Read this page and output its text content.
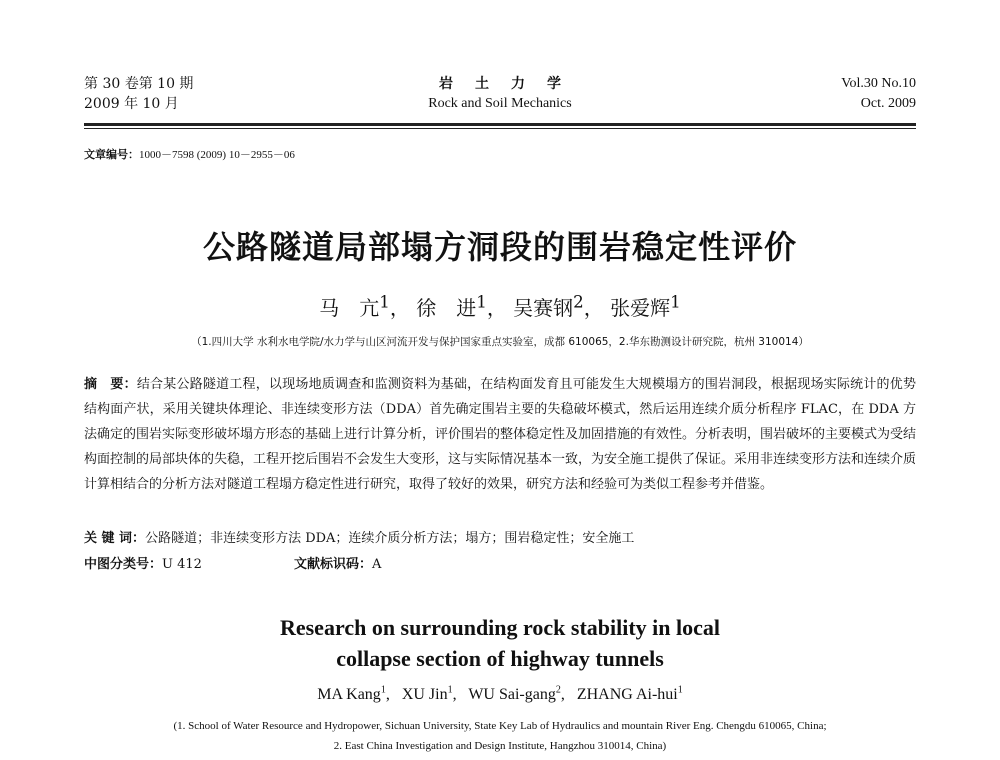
第 30 卷第 10 期
2009 年 10 月
岩土力学
Rock and Soil Mechanics
Vol.30 No.10
Oct. 2009
文章编号：1000－7598 (2009) 10－2955－06
公路隧道局部塌方洞段的围岩稳定性评价
马　亢$^1$， 徐　进$^1$， 吴赛钢$^2$， 张爱辉$^1$
（1.四川大学 水利水电学院/水力学与山区河流开发与保护国家重点实验室，成都 610065，2.华东勘测设计研究院，杭州 310014）
摘　要：结合某公路隧道工程，以现场地质调查和监测资料为基础，在结构面发育且可能发生大规模塌方的围岩洞段，根据现场实际统计的优势结构面产状，采用关键块体理论、非连续变形方法（DDA）首先确定围岩主要的失稳破坏模式，然后运用连续介质分析程序 FLAC，在 DDA 方法确定的围岩实际变形破坏塌方形态的基础上进行计算分析，评价围岩的整体稳定性及加固措施的有效性。分析表明，围岩破坏的主要模式为受结构面控制的局部块体的失稳，工程开挖后围岩不会发生大变形，这与实际情况基本一致，为安全施工提供了保证。采用非连续变形方法和连续介质计算相结合的分析方法对隧道工程塌方稳定性进行研究，取得了较好的效果，研究方法和经验可为类似工程参考并借鉴。
关 键 词：公路隧道；非连续变形方法 DDA；连续介质分析方法；塌方；围岩稳定性；安全施工
中图分类号：U 412	文献标识码：A
Research on surrounding rock stability in local
collapse section of highway tunnels
MA Kang$^1$,   XU Jin$^1$,   WU Sai-gang$^2$,   ZHANG Ai-hui$^1$
(1. School of Water Resource and Hydropower, Sichuan University, State Key Lab of Hydraulics and mountain River Eng. Chengdu 610065, China;
2. East China Investigation and Design Institute, Hangzhou 310014, China)
